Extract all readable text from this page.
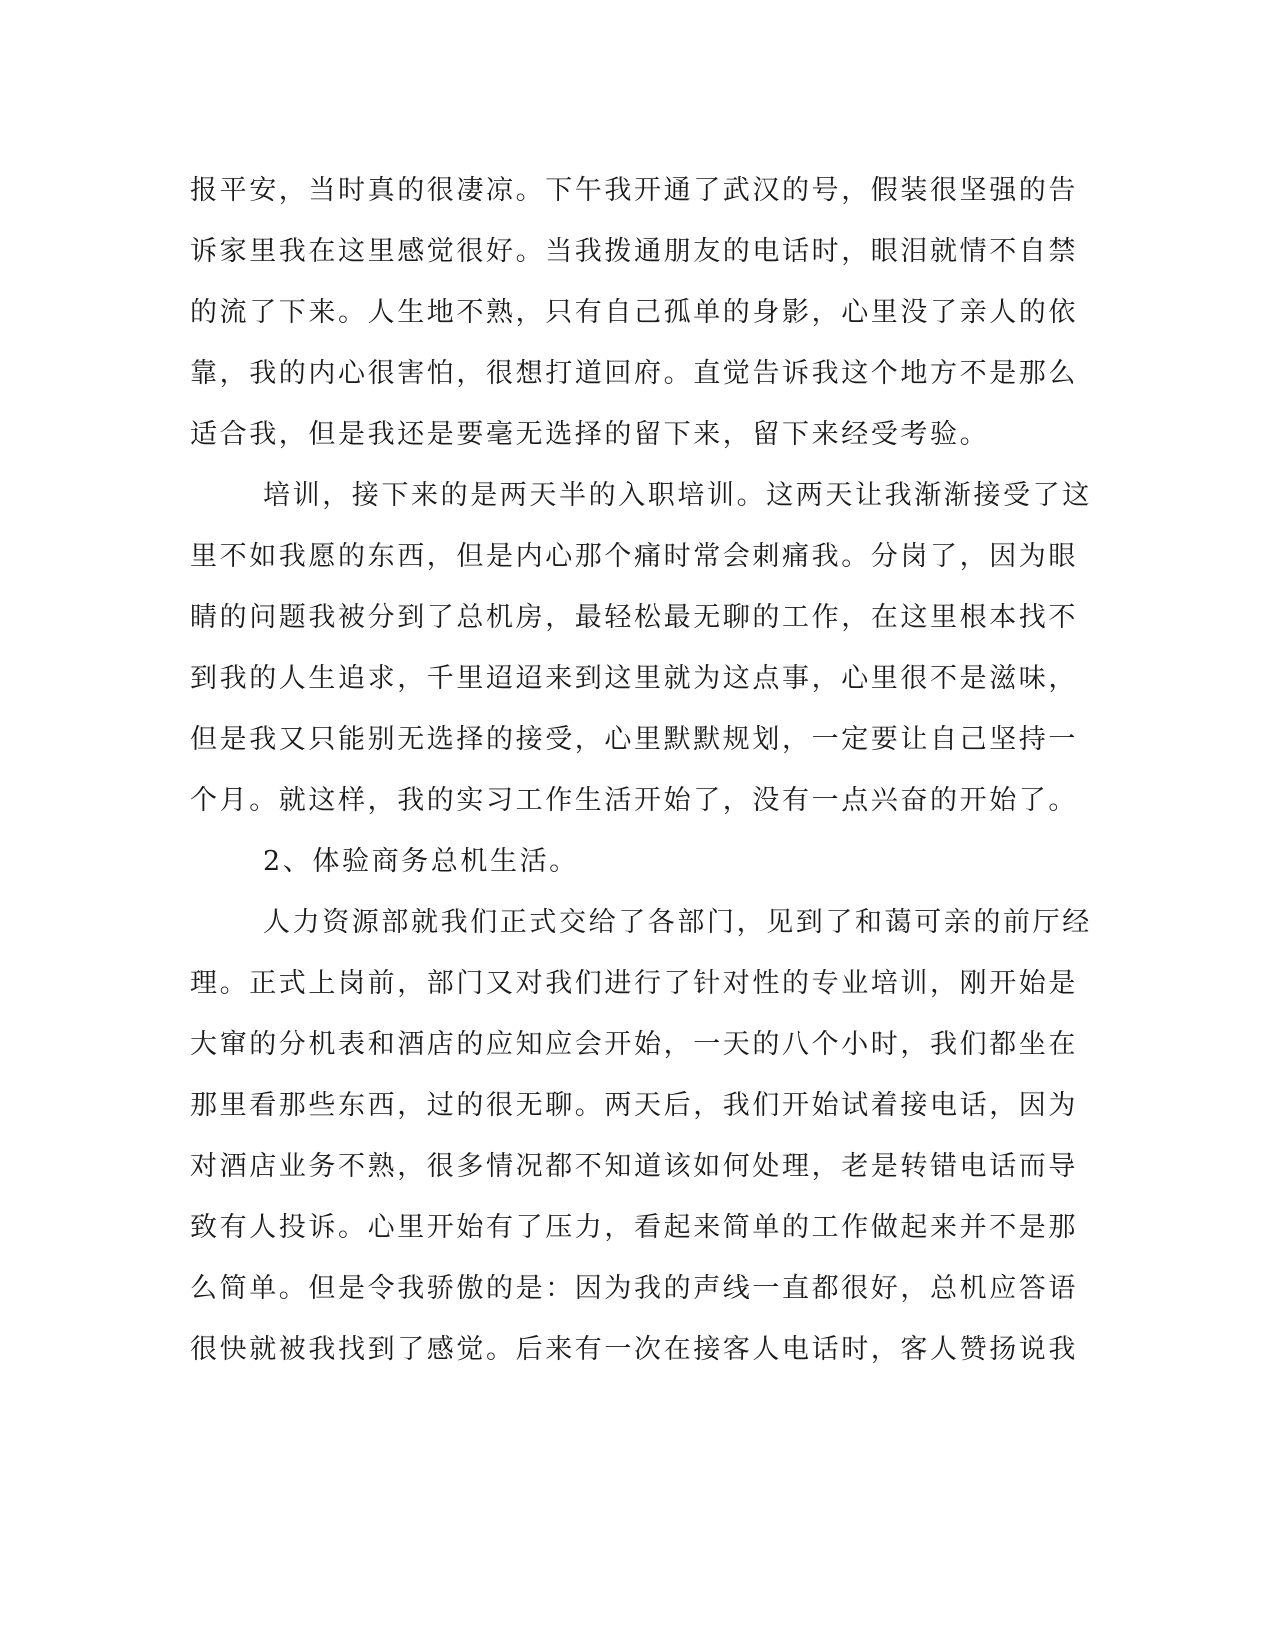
报平安，当时真的很凄凉。下午我开通了武汉的号，假装很坚强的告
诉家里我在这里感觉很好。当我拨通朋友的电话时，眼泪就情不自禁
的流了下来。人生地不熟，只有自己孤单的身影，心里没了亲人的依
靠，我的内心很害怕，很想打道回府。直觉告诉我这个地方不是那么
适合我，但是我还是要毫无选择的留下来，留下来经受考验。
培训，接下来的是两天半的入职培训。这两天让我渐渐接受了这
里不如我愿的东西，但是内心那个痛时常会刺痛我。分岗了，因为眼
睛的问题我被分到了总机房，最轻松最无聊的工作，在这里根本找不
到我的人生追求，千里迢迢来到这里就为这点事，心里很不是滋味，
但是我又只能别无选择的接受，心里默默规划，一定要让自己坚持一
个月。就这样，我的实习工作生活开始了，没有一点兴奋的开始了。
2、体验商务总机生活。
人力资源部就我们正式交给了各部门，见到了和蔼可亲的前厅经
理。正式上岗前，部门又对我们进行了针对性的专业培训，刚开始是
大窜的分机表和酒店的应知应会开始，一天的八个小时，我们都坐在
那里看那些东西，过的很无聊。两天后，我们开始试着接电话，因为
对酒店业务不熟，很多情况都不知道该如何处理，老是转错电话而导
致有人投诉。心里开始有了压力，看起来简单的工作做起来并不是那
么简单。但是令我骄傲的是：因为我的声线一直都很好，总机应答语
很快就被我找到了感觉。后来有一次在接客人电话时，客人赞扬说我
